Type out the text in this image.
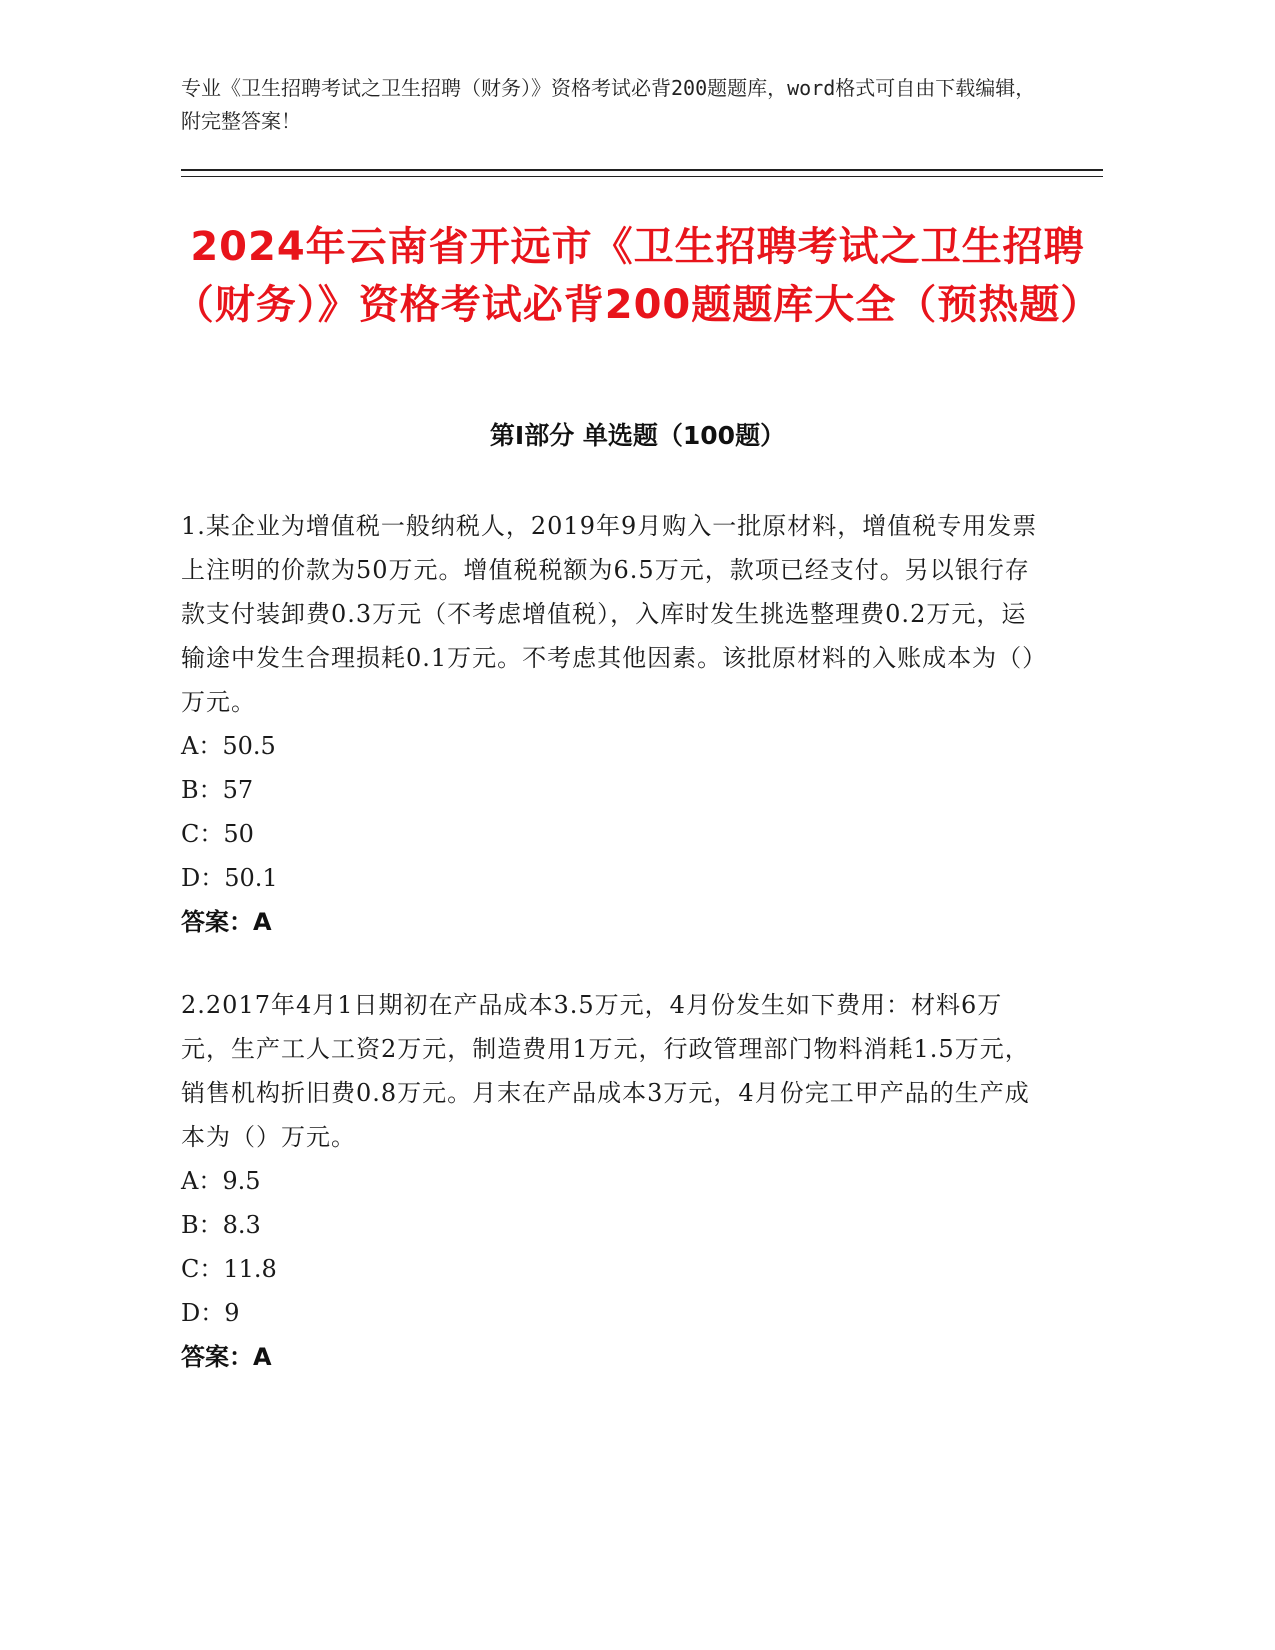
专业《卫生招聘考试之卫生招聘（财务）》资格考试必背200题题库，word格式可自由下载编辑，附完整答案！
2024年云南省开远市《卫生招聘考试之卫生招聘（财务）》资格考试必背200题题库大全（预热题）
第I部分 单选题（100题）
1.某企业为增值税一般纳税人，2019年9月购入一批原材料，增值税专用发票上注明的价款为50万元。增值税税额为6.5万元，款项已经支付。另以银行存款支付装卸费0.3万元（不考虑增值税），入库时发生挑选整理费0.2万元，运输途中发生合理损耗0.1万元。不考虑其他因素。该批原材料的入账成本为（）万元。
A：50.5
B：57
C：50
D：50.1
答案：A
2.2017年4月1日期初在产品成本3.5万元，4月份发生如下费用：材料6万元，生产工人工资2万元，制造费用1万元，行政管理部门物料消耗1.5万元，销售机构折旧费0.8万元。月末在产品成本3万元，4月份完工甲产品的生产成本为（）万元。
A：9.5
B：8.3
C：11.8
D：9
答案：A
